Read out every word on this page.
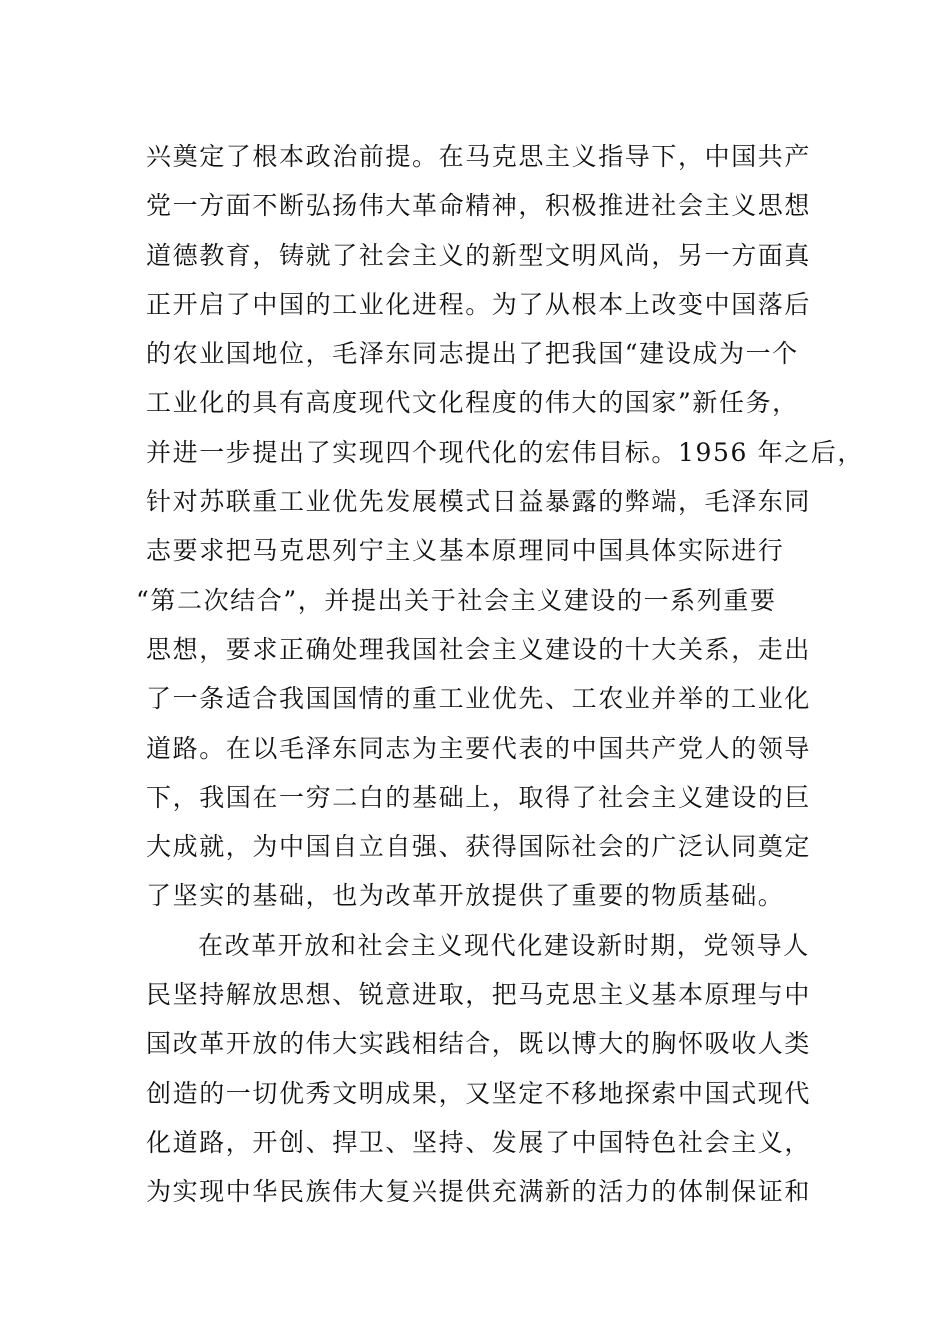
兴奠定了根本政治前提。在马克思主义指导下，中国共产
党一方面不断弘扬伟大革命精神，积极推进社会主义思想
道德教育，铸就了社会主义的新型文明风尚，另一方面真
正开启了中国的工业化进程。为了从根本上改变中国落后
的农业国地位，毛泽东同志提出了把我国“建设成为一个
工业化的具有高度现代文化程度的伟大的国家”新任务，
并进一步提出了实现四个现代化的宏伟目标。1956 年之后，
针对苏联重工业优先发展模式日益暴露的弊端，毛泽东同
志要求把马克思列宁主义基本原理同中国具体实际进行
“第二次结合”，并提出关于社会主义建设的一系列重要
思想，要求正确处理我国社会主义建设的十大关系，走出
了一条适合我国国情的重工业优先、工农业并举的工业化
道路。在以毛泽东同志为主要代表的中国共产党人的领导
下，我国在一穷二白的基础上，取得了社会主义建设的巨
大成就，为中国自立自强、获得国际社会的广泛认同奠定
了坚实的基础，也为改革开放提供了重要的物质基础。
在改革开放和社会主义现代化建设新时期，党领导人
民坚持解放思想、锐意进取，把马克思主义基本原理与中
国改革开放的伟大实践相结合，既以博大的胸怀吸收人类
创造的一切优秀文明成果，又坚定不移地探索中国式现代
化道路，开创、捍卫、坚持、发展了中国特色社会主义，
为实现中华民族伟大复兴提供充满新的活力的体制保证和
